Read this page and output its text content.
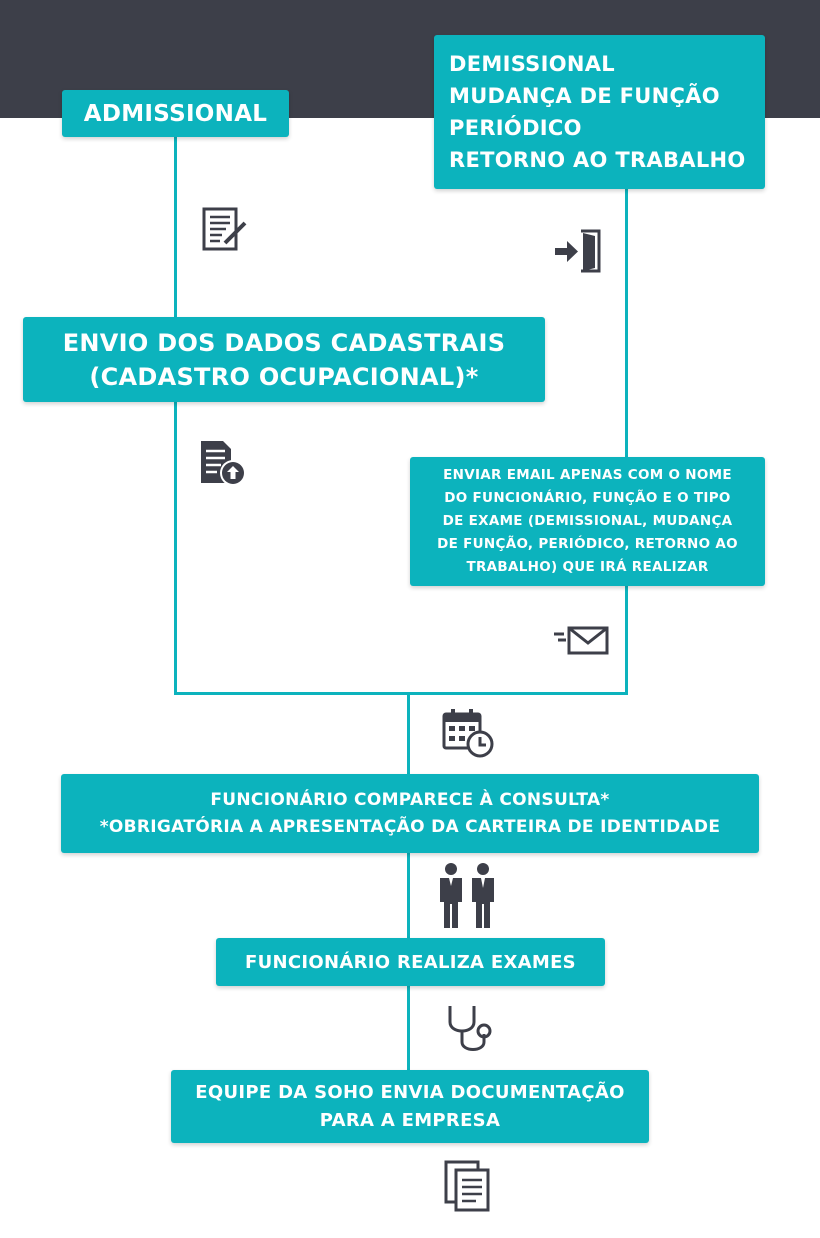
ADMISSIONAL
DEMISSIONAL
MUDANÇA DE FUNÇÃO
PERIÓDICO
RETORNO AO TRABALHO
ENVIO DOS DADOS CADASTRAIS
(CADASTRO OCUPACIONAL)*
ENVIAR EMAIL APENAS COM O NOME
DO FUNCIONÁRIO, FUNÇÃO E O TIPO
DE EXAME (DEMISSIONAL, MUDANÇA
DE FUNÇÃO, PERIÓDICO, RETORNO AO
TRABALHO) QUE IRÁ REALIZAR
FUNCIONÁRIO COMPARECE À CONSULTA*
*OBRIGATÓRIA A APRESENTAÇÃO DA CARTEIRA DE IDENTIDADE
FUNCIONÁRIO REALIZA EXAMES
EQUIPE DA SOHO ENVIA DOCUMENTAÇÃO
PARA A EMPRESA
